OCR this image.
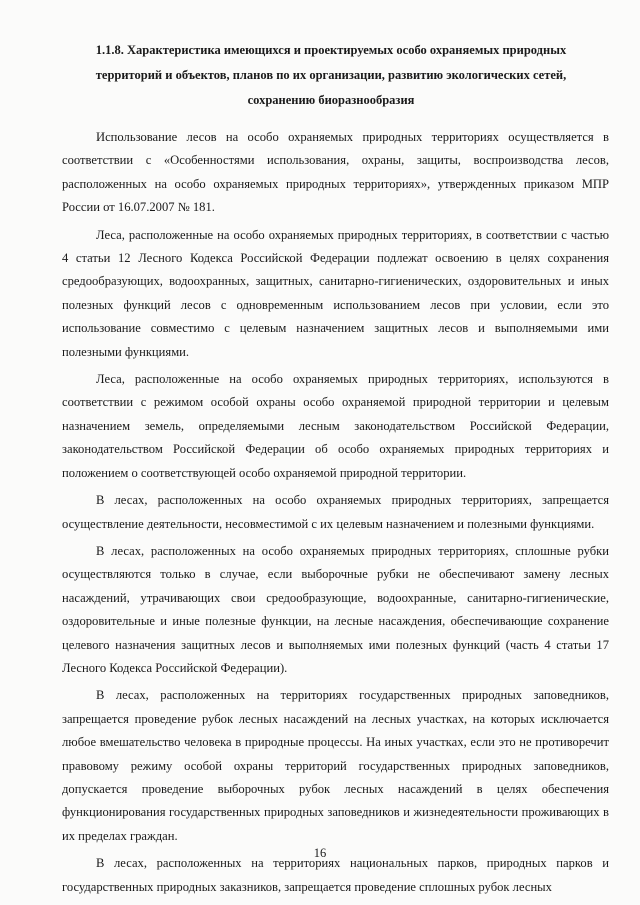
1.1.8. Характеристика имеющихся и проектируемых особо охраняемых природных территорий и объектов, планов по их организации, развитию экологических сетей, сохранению биоразнообразия

Использование лесов на особо охраняемых природных территориях осуществляется в соответствии с «Особенностями использования, охраны, защиты, воспроизводства лесов, расположенных на особо охраняемых природных территориях», утвержденных приказом МПР России от 16.07.2007 № 181.

Леса, расположенные на особо охраняемых природных территориях, в соответствии с частью 4 статьи 12 Лесного Кодекса Российской Федерации подлежат освоению в целях сохранения средообразующих, водоохранных, защитных, санитарно-гигиенических, оздоровительных и иных полезных функций лесов с одновременным использованием лесов при условии, если это использование совместимо с целевым назначением защитных лесов и выполняемыми ими полезными функциями.

Леса, расположенные на особо охраняемых природных территориях, используются в соответствии с режимом особой охраны особо охраняемой природной территории и целевым назначением земель, определяемыми лесным законодательством Российской Федерации, законодательством Российской Федерации об особо охраняемых природных территориях и положением о соответствующей особо охраняемой природной территории.

В лесах, расположенных на особо охраняемых природных территориях, запрещается осуществление деятельности, несовместимой с их целевым назначением и полезными функциями.

В лесах, расположенных на особо охраняемых природных территориях, сплошные рубки осуществляются только в случае, если выборочные рубки не обеспечивают замену лесных насаждений, утрачивающих свои средообразующие, водоохранные, санитарно-гигиенические, оздоровительные и иные полезные функции, на лесные насаждения, обеспечивающие сохранение целевого назначения защитных лесов и выполняемых ими полезных функций (часть 4 статьи 17 Лесного Кодекса Российской Федерации).

В лесах, расположенных на территориях государственных природных заповедников, запрещается проведение рубок лесных насаждений на лесных участках, на которых исключается любое вмешательство человека в природные процессы. На иных участках, если это не противоречит правовому режиму особой охраны территорий государственных природных заповедников, допускается проведение выборочных рубок лесных насаждений в целях обеспечения функционирования государственных природных заповедников и жизнедеятельности проживающих в их пределах граждан.

В лесах, расположенных на территориях национальных парков, природных парков и государственных природных заказников, запрещается проведение сплошных рубок лесных

16
